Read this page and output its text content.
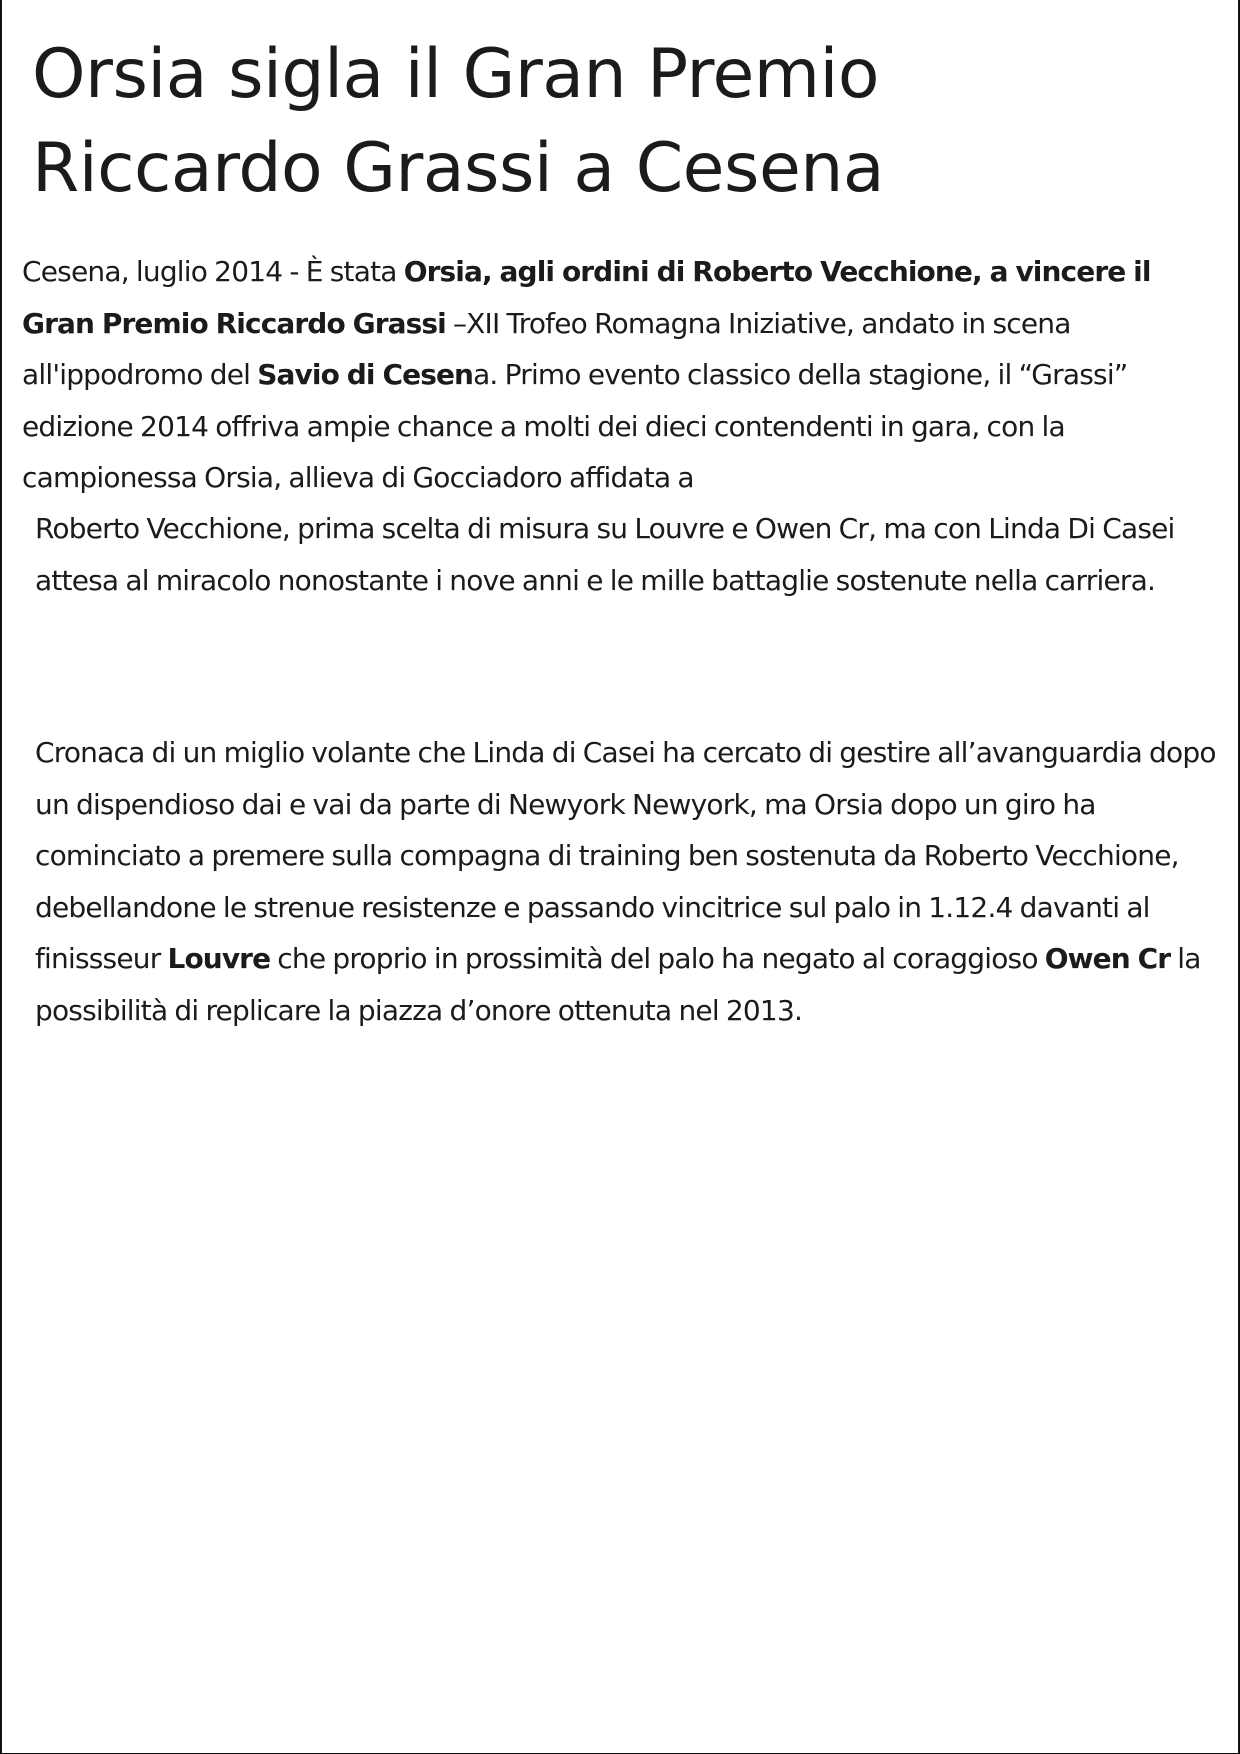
Orsia sigla il Gran Premio
Riccardo Grassi a Cesena

Cesena, luglio 2014 - È stata Orsia, agli ordini di Roberto Vecchione, a vincere il Gran Premio Riccardo Grassi –XII Trofeo Romagna Iniziative, andato in scena all'ippodromo del Savio di Cesena. Primo evento classico della stagione, il “Grassi” edizione 2014 offriva ampie chance a molti dei dieci contendenti in gara, con la campionessa Orsia, allieva di Gocciadoro affidata a

Roberto Vecchione, prima scelta di misura su Louvre e Owen Cr, ma con Linda Di Casei attesa al miracolo nonostante i nove anni e le mille battaglie sostenute nella carriera.

Cronaca di un miglio volante che Linda di Casei ha cercato di gestire all’avanguardia dopo un dispendioso dai e vai da parte di Newyork Newyork, ma Orsia dopo un giro ha cominciato a premere sulla compagna di training ben sostenuta da Roberto Vecchione, debellandone le strenue resistenze e passando vincitrice sul palo in 1.12.4 davanti al finissseur Louvre che proprio in prossimità del palo ha negato al coraggioso Owen Cr la possibilità di replicare la piazza d’onore ottenuta nel 2013.
